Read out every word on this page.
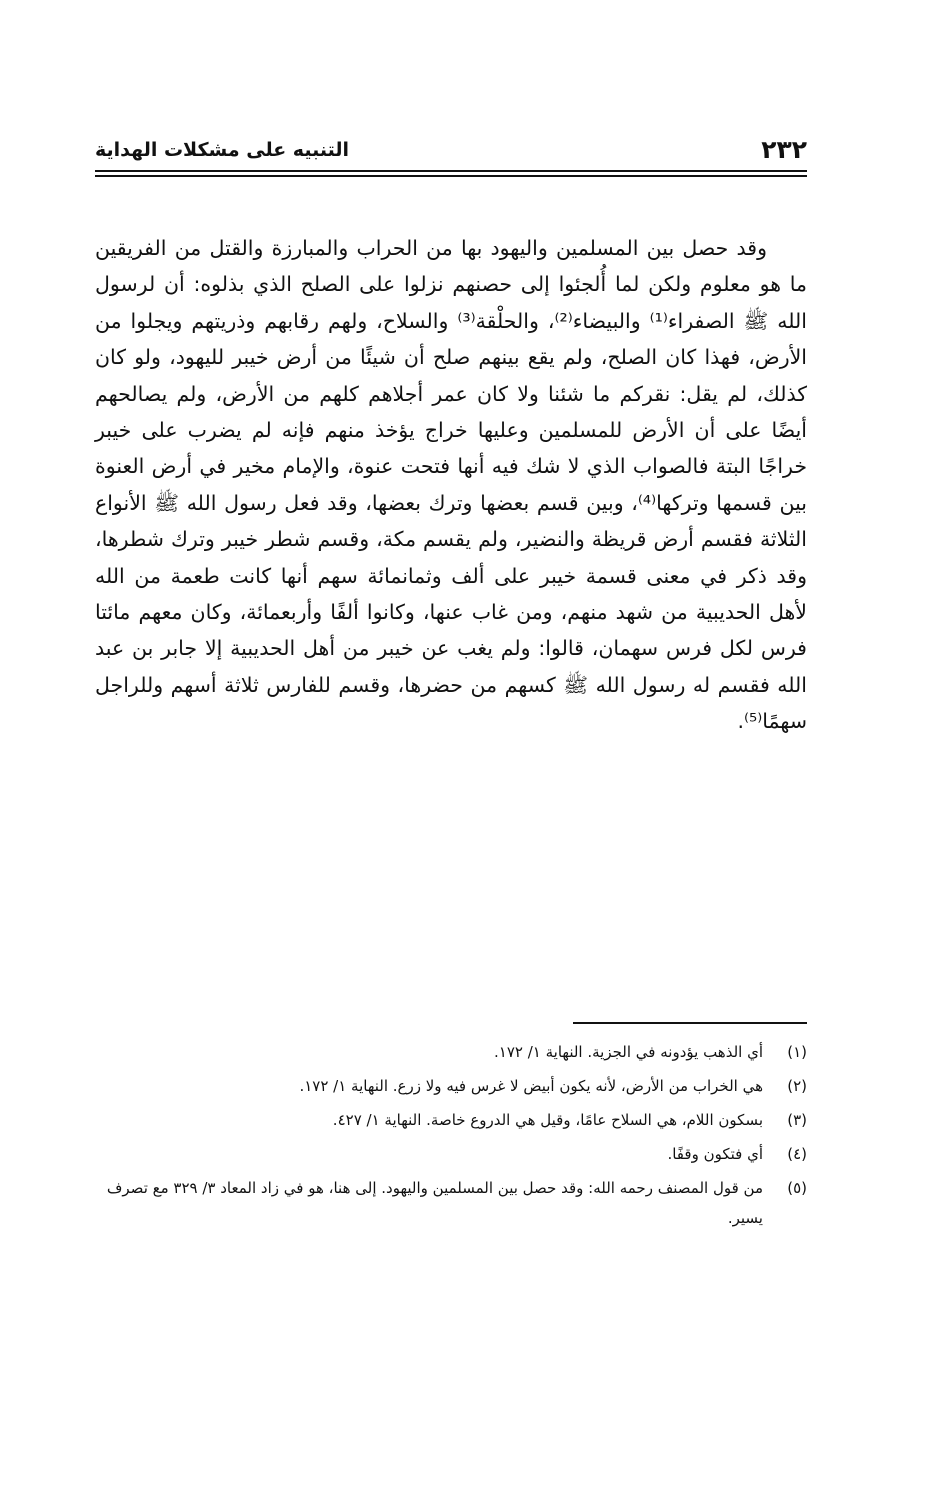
٢٣٢
التنبيه على مشكلات الهداية

وقد حصل بين المسلمين واليهود بها من الحراب والمبارزة والقتل من الفريقين ما هو معلوم ولكن لما أُلجئوا إلى حصنهم نزلوا على الصلح الذي بذلوه: أن لرسول الله ﷺ الصفراء⁽¹⁾ والبيضاء⁽²⁾، والحلْقة⁽³⁾ والسلاح، ولهم رقابهم وذريتهم ويجلوا من الأرض، فهذا كان الصلح، ولم يقع بينهم صلح أن شيئًا من أرض خيبر لليهود، ولو كان كذلك، لم يقل: نقركم ما شئنا ولا كان عمر أجلاهم كلهم من الأرض، ولم يصالحهم أيضًا على أن الأرض للمسلمين وعليها خراج يؤخذ منهم فإنه لم يضرب على خيبر خراجًا البتة فالصواب الذي لا شك فيه أنها فتحت عنوة، والإمام مخير في أرض العنوة بين قسمها وتركها⁽⁴⁾، وبين قسم بعضها وترك بعضها، وقد فعل رسول الله ﷺ الأنواع الثلاثة فقسم أرض قريظة والنضير، ولم يقسم مكة، وقسم شطر خيبر وترك شطرها، وقد ذكر في معنى قسمة خيبر على ألف وثمانمائة سهم أنها كانت طعمة من الله لأهل الحديبية من شهد منهم، ومن غاب عنها، وكانوا ألفًا وأربعمائة، وكان معهم مائتا فرس لكل فرس سهمان، قالوا: ولم يغب عن خيبر من أهل الحديبية إلا جابر بن عبد الله فقسم له رسول الله ﷺ كسهم من حضرها، وقسم للفارس ثلاثة أسهم وللراجل سهمًا⁽⁵⁾.

(١)
أي الذهب يؤدونه في الجزية. النهاية ١/ ١٧٢.
(٢)
هي الخراب من الأرض، لأنه يكون أبيض لا غرس فيه ولا زرع. النهاية ١/ ١٧٢.
(٣)
بسكون اللام، هي السلاح عامًا، وقيل هي الدروع خاصة. النهاية ١/ ٤٢٧.
(٤)
أي فتكون وقفًا.
(٥)
من قول المصنف رحمه الله: وقد حصل بين المسلمين واليهود. إلى هنا، هو في زاد المعاد ٣/ ٣٢٩ مع تصرف يسير.
